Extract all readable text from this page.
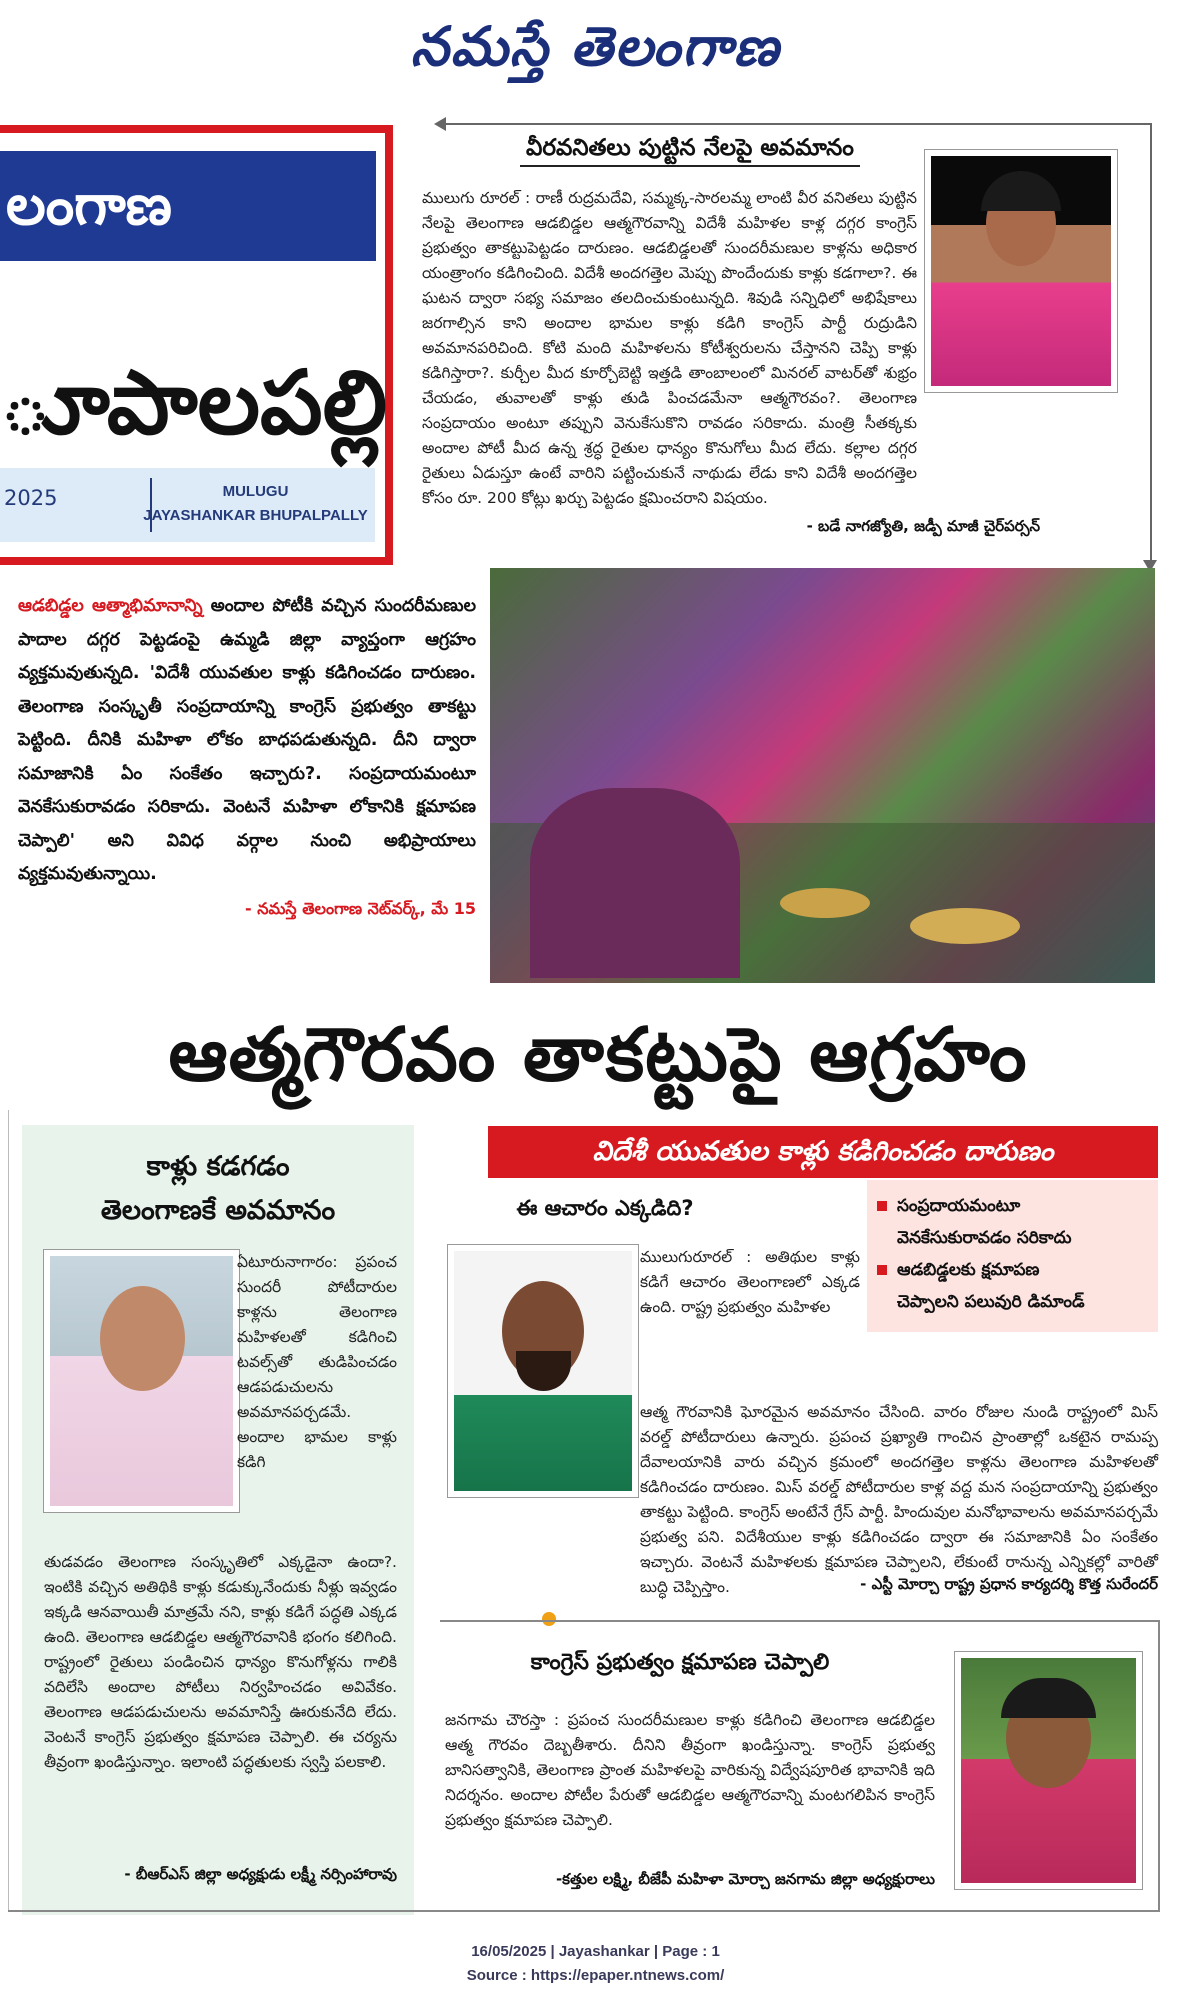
నమస్తే తెలంగాణ
లంగాణ
ూపాలపల్లి
2025	MULUGU
JAYASHANKAR BHUPALPALLY
వీరవనితలు పుట్టిన నేలపై అవమానం
ములుగు రూరల్ : రాణీ రుద్రమదేవి, సమ్మక్క-సారలమ్మ లాంటి వీర వనితలు పుట్టిన నేలపై తెలంగాణ ఆడబిడ్డల ఆత్మగౌరవాన్ని విదేశీ మహిళల కాళ్ల దగ్గర కాంగ్రెస్ ప్రభుత్వం తాకట్టుపెట్టడం దారుణం. ఆడబిడ్డలతో సుందరీమణుల కాళ్లను అధికార యంత్రాంగం కడిగించింది. విదేశీ అందగత్తెల మెప్పు పొందేందుకు కాళ్లు కడగాలా?. ఈ ఘటన ద్వారా సభ్య సమాజం తలదించుకుంటున్నది. శివుడి సన్నిధిలో అభిషేకాలు జరగాల్సిన కాని అందాల భామల కాళ్లు కడిగి కాంగ్రెస్ పార్టీ రుద్రుడిని అవమానపరిచింది. కోటి మంది మహిళలను కోటీశ్వరులను చేస్తానని చెప్పి కాళ్లు కడిగిస్తారా?. కుర్చీల మీద కూర్చోబెట్టి ఇత్తడి తాంబాలంలో మినరల్ వాటర్‌తో శుభ్రం చేయడం, తువాలతో కాళ్లు తుడి పించడమేనా ఆత్మగౌరవం?. తెలంగాణ సంప్రదాయం అంటూ తప్పుని వెనుకేసుకొని రావడం సరికాదు. మంత్రి సీతక్కకు అందాల పోటీ మీద ఉన్న శ్రద్ధ రైతుల ధాన్యం కొనుగోలు మీద లేదు. కల్లాల దగ్గర రైతులు ఏడుస్తూ ఉంటే వారిని పట్టించుకునే నాథుడు లేడు కాని విదేశీ అందగత్తెల కోసం రూ. 200 కోట్లు ఖర్చు పెట్టడం క్షమించరాని విషయం.
- బడే నాగజ్యోతి, జడ్పీ మాజీ చైర్‌పర్సన్
ఆడబిడ్డల ఆత్మాభిమానాన్ని అందాల పోటీకి వచ్చిన సుందరీమణుల పాదాల దగ్గర పెట్టడంపై ఉమ్మడి జిల్లా వ్యాప్తంగా ఆగ్రహం వ్యక్తమవుతున్నది. 'విదేశీ యువతుల కాళ్లు కడిగించడం దారుణం. తెలంగాణ సంస్కృతీ సంప్రదాయాన్ని కాంగ్రెస్ ప్రభుత్వం తాకట్టు పెట్టింది. దీనికి మహిళా లోకం బాధపడుతున్నది. దీని ద్వారా సమాజానికి ఏం సంకేతం ఇచ్చారు?. సంప్రదాయమంటూ వెనకేసుకురావడం సరికాదు. వెంటనే మహిళా లోకానికి క్షమాపణ చెప్పాలి' అని వివిధ వర్గాల నుంచి అభిప్రాయాలు వ్యక్తమవుతున్నాయి.
- నమస్తే తెలంగాణ నెట్‌వర్క్, మే 15
ఆత్మగౌరవం తాకట్టుపై ఆగ్రహం
కాళ్లు కడగడం
తెలంగాణకే అవమానం
ఏటూరునాగారం: ప్రపంచ సుందరీ పోటీదారుల కాళ్లను తెలంగాణ మహిళలతో కడిగించి టవల్స్‌తో తుడిపించడం ఆడపడుచులను అవమానపర్చడమే. అందాల భామల కాళ్లు కడిగి
తుడవడం తెలంగాణ సంస్కృతిలో ఎక్కడైనా ఉందా?. ఇంటికి వచ్చిన అతిథికి కాళ్లు కడుక్కునేందుకు నీళ్లు ఇవ్వడం ఇక్కడి ఆనవాయితీ మాత్రమే నని, కాళ్లు కడిగే పద్ధతి ఎక్కడ ఉంది. తెలంగాణ ఆడబిడ్డల ఆత్మగౌరవానికి భంగం కలిగింది. రాష్ట్రంలో రైతులు పండించిన ధాన్యం కొనుగోళ్లను గాలికి వదిలేసి అందాల పోటీలు నిర్వహించడం అవివేకం. తెలంగాణ ఆడపడుచులను అవమానిస్తే ఊరుకునేది లేదు. వెంటనే కాంగ్రెస్ ప్రభుత్వం క్షమాపణ చెప్పాలి. ఈ చర్యను తీవ్రంగా ఖండిస్తున్నాం. ఇలాంటి పద్ధతులకు స్వస్తి పలకాలి.
- బీఆర్‌ఎస్ జిల్లా అధ్యక్షుడు లక్ష్మీ నర్సింహారావు
విదేశీ యువతుల కాళ్లు కడిగించడం దారుణం
సంప్రదాయమంటూ
వెనకేసుకురావడం సరికాదు
ఆడబిడ్డలకు క్షమాపణ
చెప్పాలని పలువురి డిమాండ్
ఈ ఆచారం ఎక్కడిది?
ములుగురూరల్ : అతిథుల కాళ్లు కడిగే ఆచారం తెలంగాణలో ఎక్కడ ఉంది. రాష్ట్ర ప్రభుత్వం మహిళల
ఆత్మ గౌరవానికి ఘోరమైన అవమానం చేసింది. వారం రోజుల నుండి రాష్ట్రంలో మిస్ వరల్డ్ పోటీదారులు ఉన్నారు. ప్రపంచ ప్రఖ్యాతి గాంచిన ప్రాంతాల్లో ఒకటైన రామప్ప దేవాలయానికి వారు వచ్చిన క్రమంలో అందగత్తెల కాళ్లను తెలంగాణ మహిళలతో కడిగించడం దారుణం. మిస్ వరల్డ్ పోటీదారుల కాళ్ల వద్ద మన సంప్రదాయాన్ని ప్రభుత్వం తాకట్టు పెట్టింది. కాంగ్రెస్ అంటేనే గ్రేస్ పార్టీ. హిందువుల మనోభావాలను అవమానపర్చమే ప్రభుత్వ పని. విదేశీయుల కాళ్లు కడిగించడం ద్వారా ఈ సమాజానికి ఏం సంకేతం ఇచ్చారు. వెంటనే మహిళలకు క్షమాపణ చెప్పాలని, లేకుంటే రానున్న ఎన్నికల్లో వారితో బుద్ధి చెప్పిస్తాం.	- ఎస్టీ మోర్చా రాష్ట్ర ప్రధాన కార్యదర్శి కొత్త సురేందర్
కాంగ్రెస్ ప్రభుత్వం క్షమాపణ చెప్పాలి
జనగామ చౌరస్తా : ప్రపంచ సుందరీమణుల కాళ్లు కడిగించి తెలంగాణ ఆడబిడ్డల ఆత్మ గౌరవం దెబ్బతీశారు. దీనిని తీవ్రంగా ఖండిస్తున్నా. కాంగ్రెస్ ప్రభుత్వ బానిసత్వానికి, తెలంగాణ ప్రాంత మహిళలపై వారికున్న విద్వేషపూరిత భావానికి ఇది నిదర్శనం. అందాల పోటీల పేరుతో ఆడబిడ్డల ఆత్మగౌరవాన్ని మంటగలిపిన కాంగ్రెస్ ప్రభుత్వం క్షమాపణ చెప్పాలి.
-కత్తుల లక్ష్మి, బీజేపీ మహిళా మోర్చా జనగామ జిల్లా అధ్యక్షురాలు
16/05/2025 | Jayashankar | Page : 1
Source : https://epaper.ntnews.com/
